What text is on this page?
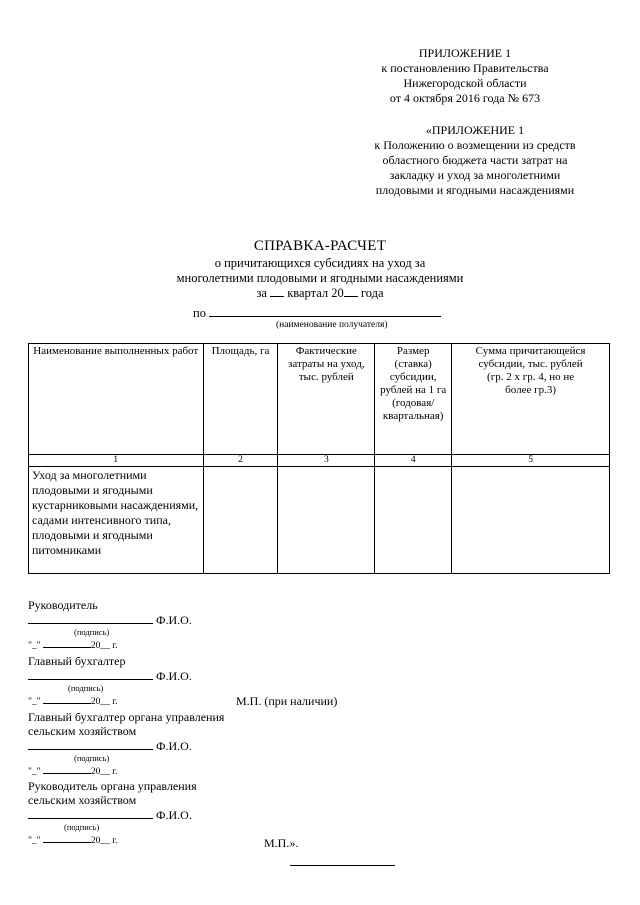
ПРИЛОЖЕНИЕ 1
к постановлению Правительства
Нижегородской области
от 4 октября 2016 года № 673
«ПРИЛОЖЕНИЕ 1
к Положению о возмещении из средств
областного бюджета части затрат на
закладку и уход за многолетними
плодовыми и ягодными насаждениями
СПРАВКА-РАСЧЕТ
о причитающихся субсидиях на уход за
многолетними плодовыми и ягодными насаждениями
за квартал 20 года
по
(наименование получателя)
Наименование выполненных работ	Площадь, га	Фактические затраты на уход, тыс. рублей	Размер (ставка) субсидии, рублей на 1 га (годовая/ квартальная)	Сумма причитающейся субсидии, тыс. рублей (гр. 2 х гр. 4, но не более гр.3)
1	2	3	4	5
Уход за многолетними плодовыми и ягодными кустарниковыми насаждениями, садами интенсивного типа, плодовыми и ягодными питомниками				
Руководитель
Ф.И.О.
(подпись)
"_"	20__ г.
Главный бухгалтер
Ф.И.О.
(подпись)
"_"	20__ г.	М.П. (при наличии)
Главный бухгалтер органа управления
сельским хозяйством
Ф.И.О.
(подпись)
"_"	20__ г.
Руководитель органа управления
сельским хозяйством
Ф.И.О.
(подпись)
"_"	20__ г.	М.П.».
